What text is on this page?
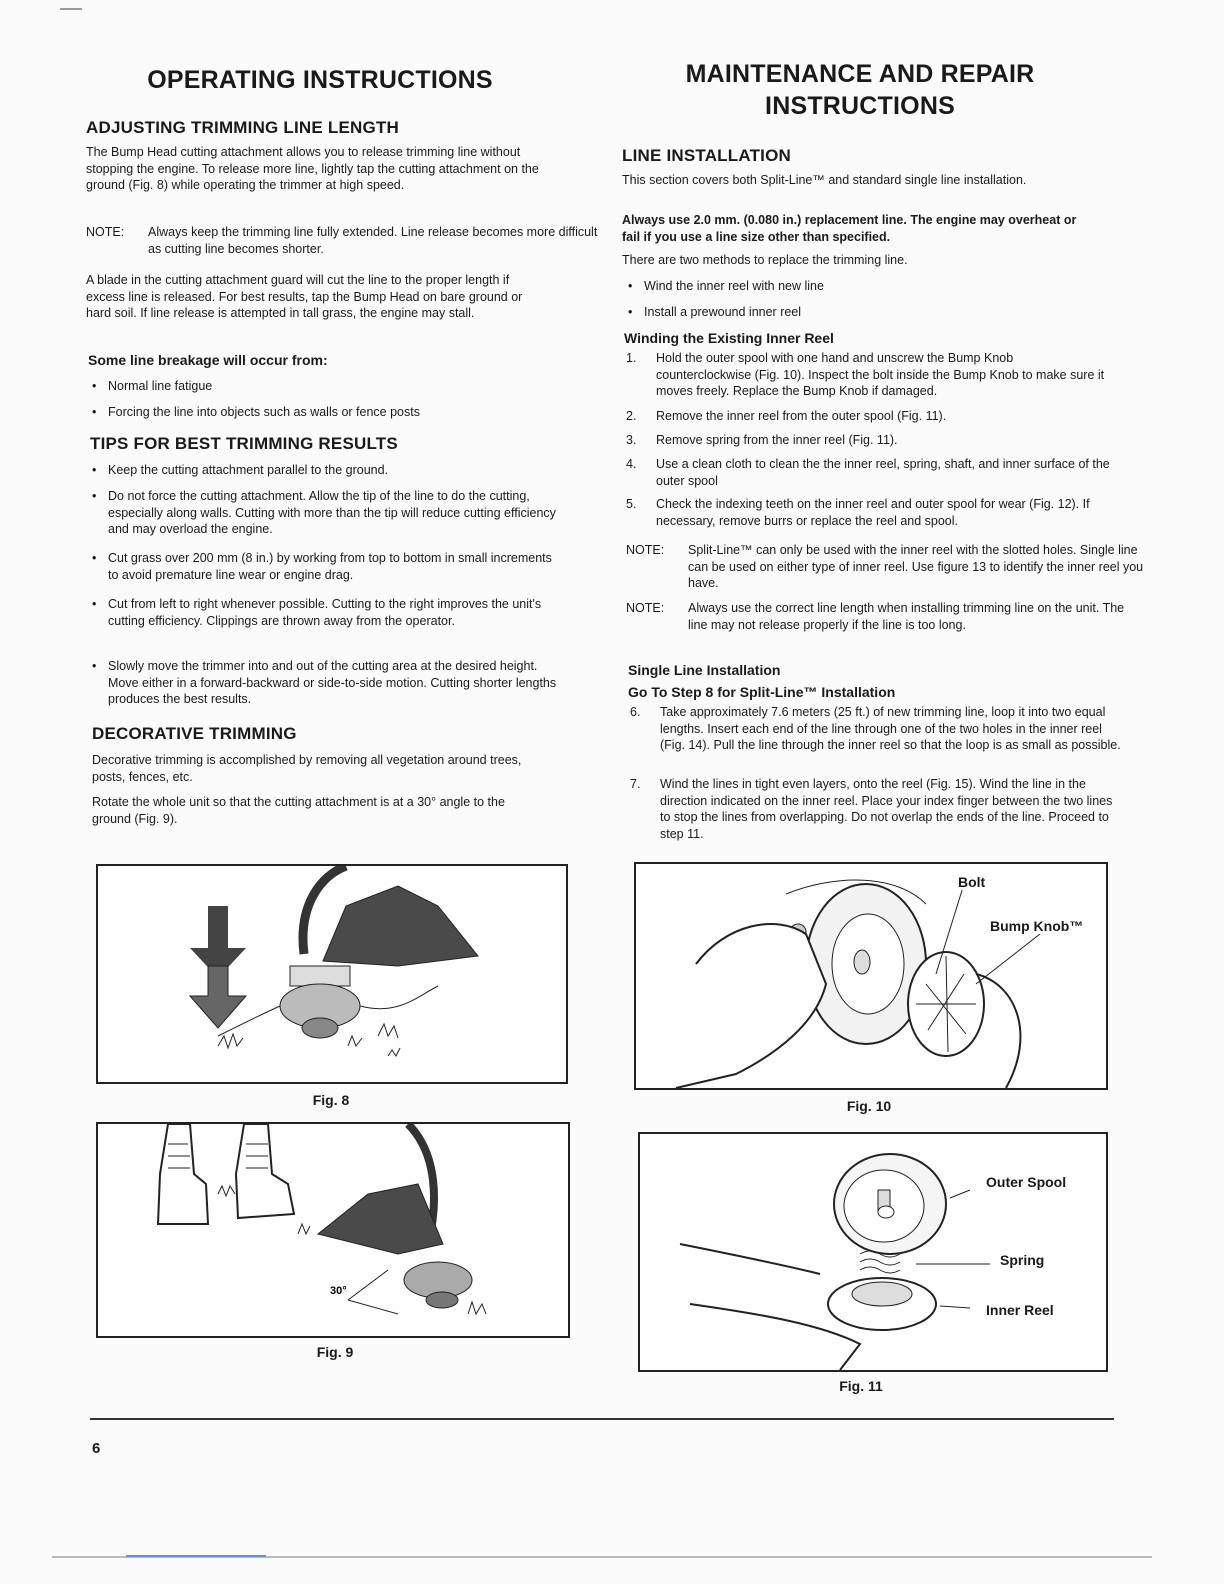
OPERATING INSTRUCTIONS
ADJUSTING TRIMMING LINE LENGTH
The Bump Head cutting attachment allows you to release trimming line without stopping the engine. To release more line, lightly tap the cutting attachment on the ground (Fig. 8) while operating the trimmer at high speed.
NOTE: Always keep the trimming line fully extended. Line release becomes more difficult as cutting line becomes shorter.
A blade in the cutting attachment guard will cut the line to the proper length if excess line is released. For best results, tap the Bump Head on bare ground or hard soil. If line release is attempted in tall grass, the engine may stall.
Some line breakage will occur from:
• Normal line fatigue
• Forcing the line into objects such as walls or fence posts
TIPS FOR BEST TRIMMING RESULTS
• Keep the cutting attachment parallel to the ground.
• Do not force the cutting attachment. Allow the tip of the line to do the cutting, especially along walls. Cutting with more than the tip will reduce cutting efficiency and may overload the engine.
• Cut grass over 200 mm (8 in.) by working from top to bottom in small increments to avoid premature line wear or engine drag.
• Cut from left to right whenever possible. Cutting to the right improves the unit's cutting efficiency. Clippings are thrown away from the operator.
• Slowly move the trimmer into and out of the cutting area at the desired height. Move either in a forward-backward or side-to-side motion. Cutting shorter lengths produces the best results.
DECORATIVE TRIMMING
Decorative trimming is accomplished by removing all vegetation around trees, posts, fences, etc.
Rotate the whole unit so that the cutting attachment is at a 30° angle to the ground (Fig. 9).
Fig. 8
30°
Fig. 9
MAINTENANCE AND REPAIR
INSTRUCTIONS
LINE INSTALLATION
This section covers both Split-Line™ and standard single line installation.
Always use 2.0 mm. (0.080 in.) replacement line. The engine may overheat or fail if you use a line size other than specified.
There are two methods to replace the trimming line.
• Wind the inner reel with new line
• Install a prewound inner reel
Winding the Existing Inner Reel
1. Hold the outer spool with one hand and unscrew the Bump Knob counterclockwise (Fig. 10). Inspect the bolt inside the Bump Knob to make sure it moves freely. Replace the Bump Knob if damaged.
2. Remove the inner reel from the outer spool (Fig. 11).
3. Remove spring from the inner reel (Fig. 11).
4. Use a clean cloth to clean the the inner reel, spring, shaft, and inner surface of the outer spool
5. Check the indexing teeth on the inner reel and outer spool for wear (Fig. 12). If necessary, remove burrs or replace the reel and spool.
NOTE: Split-Line™ can only be used with the inner reel with the slotted holes. Single line can be used on either type of inner reel. Use figure 13 to identify the inner reel you have.
NOTE: Always use the correct line length when installing trimming line on the unit. The line may not release properly if the line is too long.
Single Line Installation
Go To Step 8 for Split-Line™ Installation
6. Take approximately 7.6 meters (25 ft.) of new trimming line, loop it into two equal lengths. Insert each end of the line through one of the two holes in the inner reel (Fig. 14). Pull the line through the inner reel so that the loop is as small as possible.
7. Wind the lines in tight even layers, onto the reel (Fig. 15). Wind the line in the direction indicated on the inner reel. Place your index finger between the two lines to stop the lines from overlapping. Do not overlap the ends of the line. Proceed to step 11.
Bolt
Bump Knob™
Fig. 10
Outer Spool
Spring
Inner Reel
Fig. 11
6
